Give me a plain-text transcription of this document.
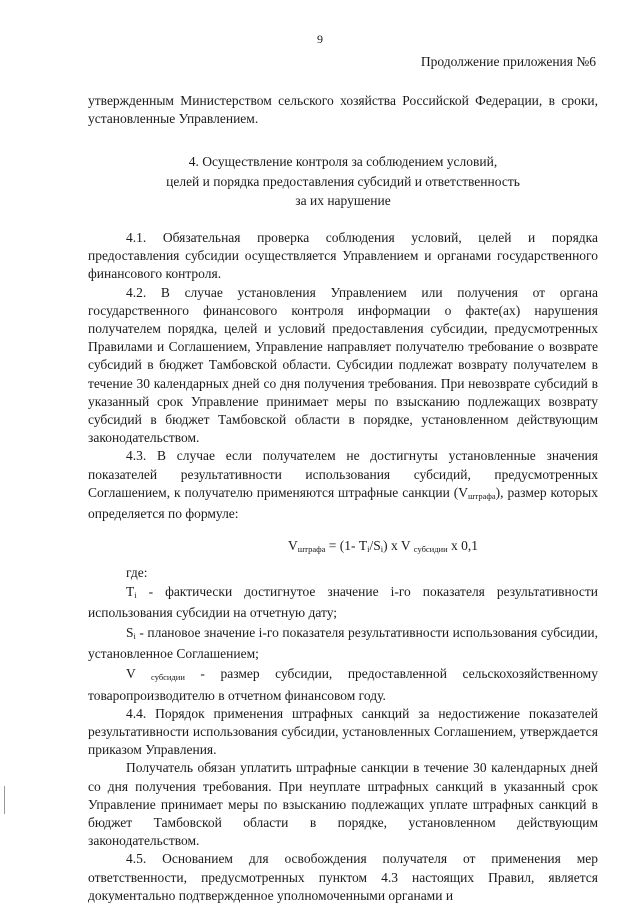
9
Продолжение приложения №6

утвержденным Министерством сельского хозяйства Российской Федерации, в сроки, установленные Управлением.

4. Осуществление контроля за соблюдением условий,
целей и порядка предоставления субсидий и ответственность
за их нарушение

4.1. Обязательная проверка соблюдения условий, целей и порядка предоставления субсидии осуществляется Управлением и органами государственного финансового контроля.

4.2. В случае установления Управлением или получения от органа государственного финансового контроля информации о факте(ах) нарушения получателем порядка, целей и условий предоставления субсидии, предусмотренных Правилами и Соглашением, Управление направляет получателю требование о возврате субсидий в бюджет Тамбовской области. Субсидии подлежат возврату получателем в течение 30 календарных дней со дня получения требования. При невозврате субсидий в указанный срок Управление принимает меры по взысканию подлежащих возврату субсидий в бюджет Тамбовской области в порядке, установленном действующим законодательством.

4.3. В случае если получателем не достигнуты установленные значения показателей результативности использования субсидий, предусмотренных Соглашением, к получателю применяются штрафные санкции $(V_{штрафа})$, размер которых определяется по формуле:

$V_{штрафа} = (1-$ $T_i/S_i$) x V $_{субсидии}$ x 0,1

где:

$T_i$ - фактически достигнутое значение i-го показателя результативности использования субсидии на отчетную дату;

$S_i$ - плановое значение i-го показателя результативности использования субсидии, установленное Соглашением;

V $_{субсидии}$ - размер субсидии, предоставленной сельскохозяйственному товаропроизводителю в отчетном финансовом году.

4.4. Порядок применения штрафных санкций за недостижение показателей результативности использования субсидии, установленных Соглашением, утверждается приказом Управления.

Получатель обязан уплатить штрафные санкции в течение 30 календарных дней со дня получения требования. При неуплате штрафных санкций в указанный срок Управление принимает меры по взысканию подлежащих уплате штрафных санкций в бюджет Тамбовской области в порядке, установленном действующим законодательством.

4.5. Основанием для освобождения получателя от применения мер ответственности, предусмотренных пунктом 4.3 настоящих Правил, является документально подтвержденное уполномоченными органами и
